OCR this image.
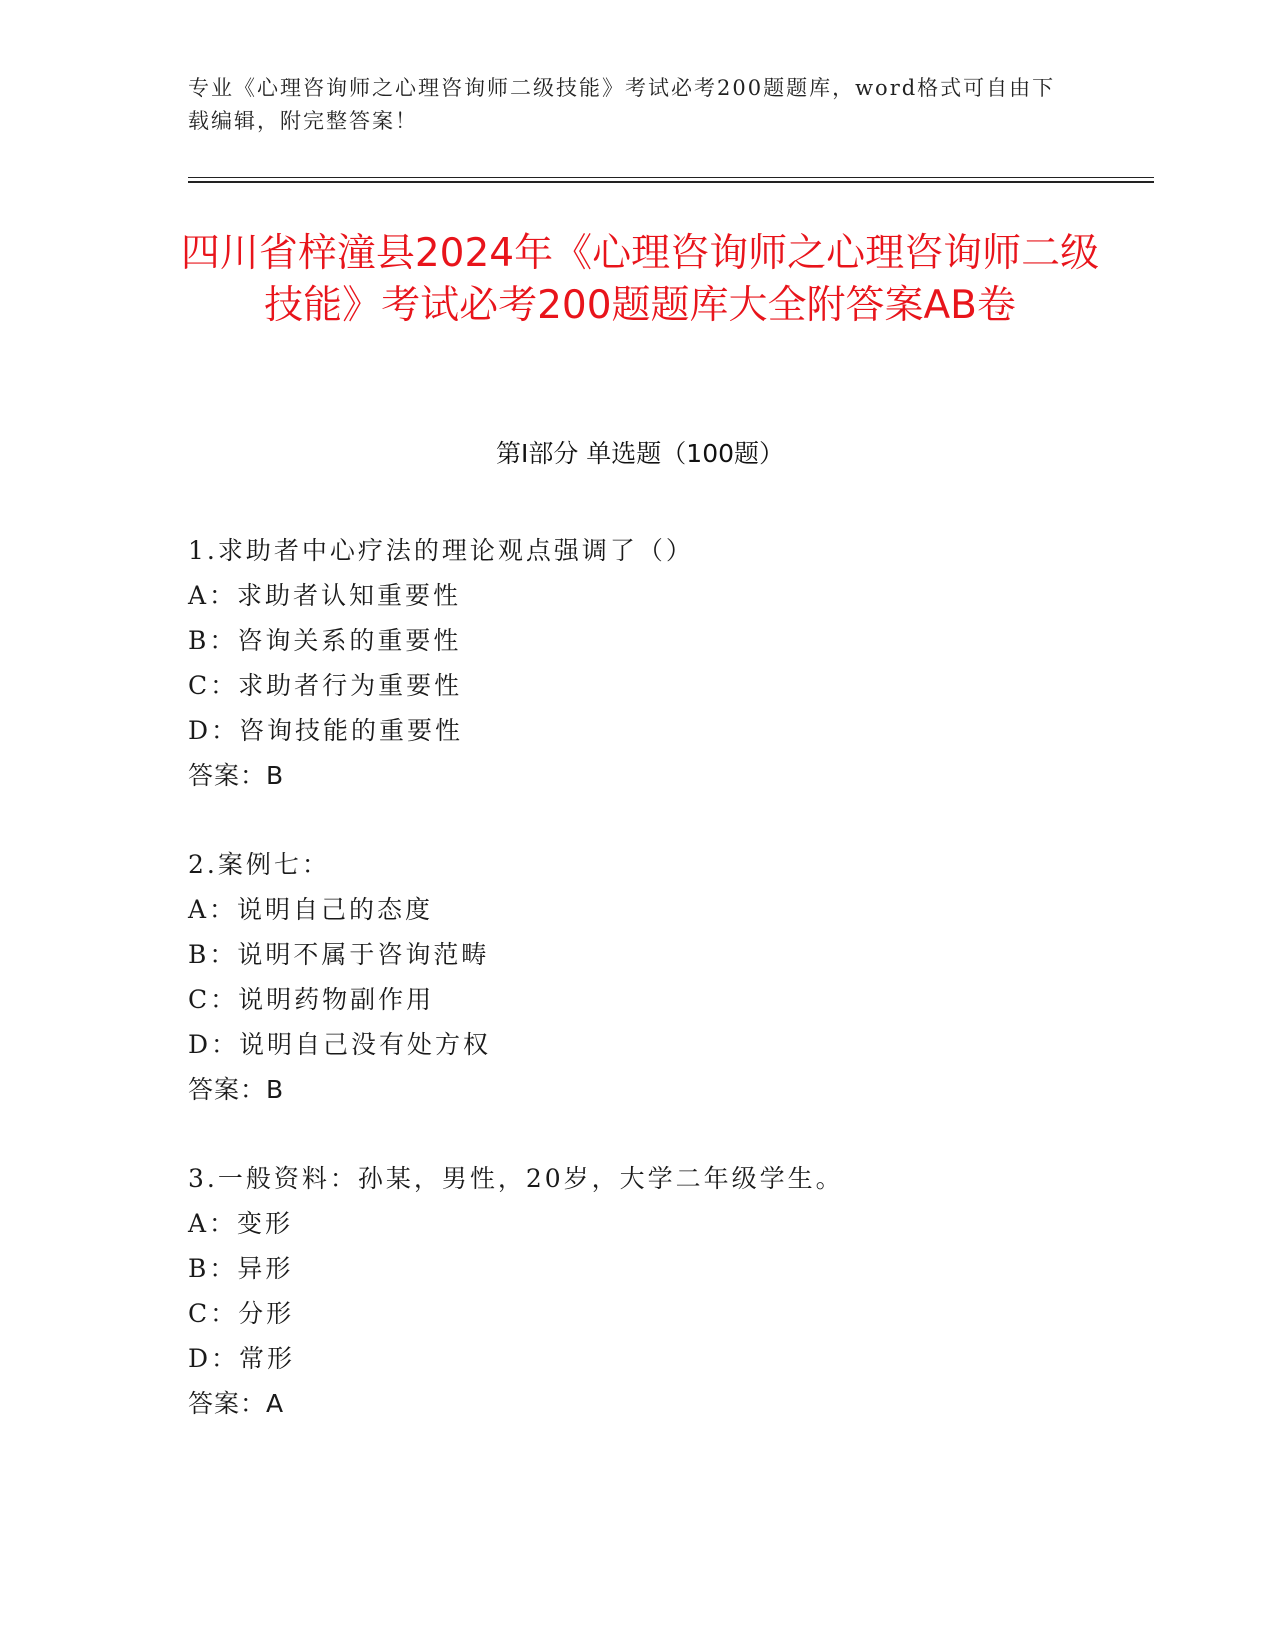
专业《心理咨询师之心理咨询师二级技能》考试必考200题题库，word格式可自由下载编辑，附完整答案！
四川省梓潼县2024年《心理咨询师之心理咨询师二级技能》考试必考200题题库大全附答案AB卷
第I部分 单选题（100题）
1.求助者中心疗法的理论观点强调了（）
A：求助者认知重要性
B：咨询关系的重要性
C：求助者行为重要性
D：咨询技能的重要性
答案：B
2.案例七：
A：说明自己的态度
B：说明不属于咨询范畴
C：说明药物副作用
D：说明自己没有处方权
答案：B
3.一般资料：孙某，男性，20岁，大学二年级学生。
A：变形
B：异形
C：分形
D：常形
答案：A
